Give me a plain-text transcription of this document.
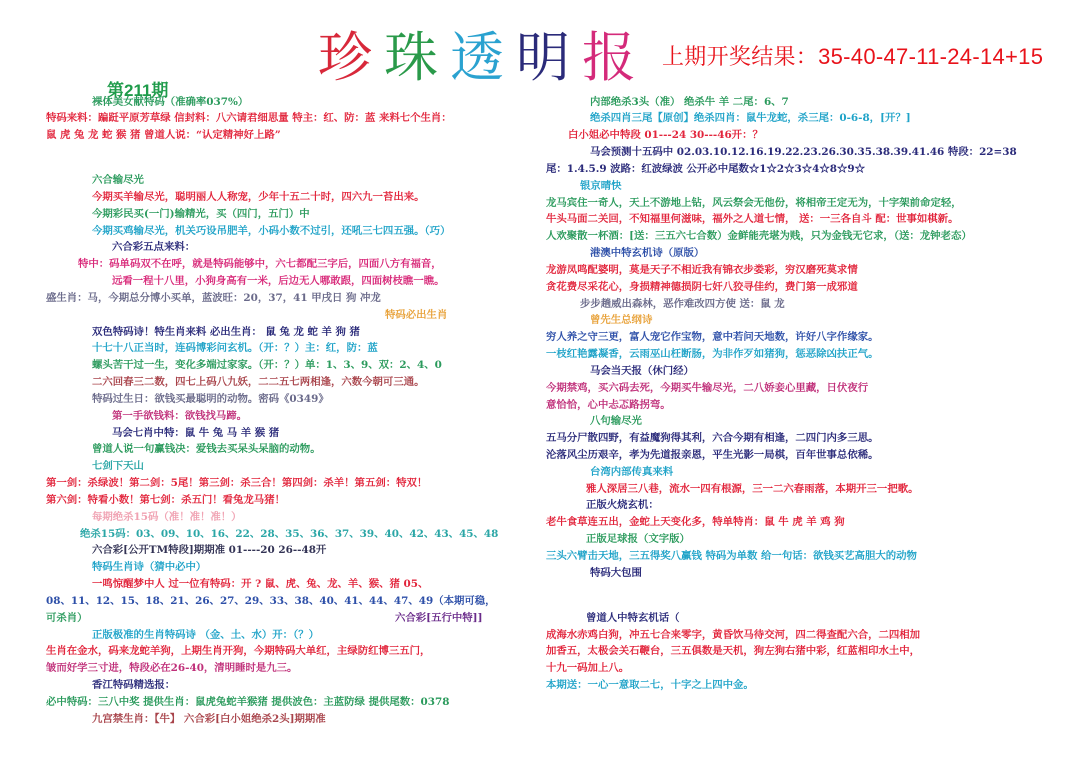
珍 珠 透 明 报 上期开奖结果：35-40-47-11-24-14+15
第211期
裸体美女献特码（准确率037%）
特码来料：蹁跹平原芳草绿 信封料：八六请君细思量 特主：红、防：蓝 来料七个生肖：
鼠 虎 兔 龙 蛇 猴 猪 曾道人说：“认定精神好上路”
六合输尽光
今期买羊输尽光，聪明丽人人称宠，少年十五二十时，四六九一苔出来。
今期彩民买(一门)输精光，买（四门，五门）中
今期买鸡输尽光，机关巧设吊肥羊，小码小数不过引，还吼三七四五强。（巧）
六合彩五点来料：
特中：码单码双不在呼，就是特码能够中，六七都配三字后，四面八方有福音，
远看一程十八里，小狗身高有一米，后边无人哪敢跟，四面树枝瞧一瞧。
盛生肖：马，今期总分博小买单，蓝波旺：20，37，41 甲戌日 狗 冲龙
特码必出生肖
双色特码诗！特生肖来料 必出生肖： 鼠 兔 龙 蛇 羊 狗 猪
十七十八正当时，连码博彩问玄机。（开：？）主：红，防：蓝
螺头苦干过一生，变化多端过家家。（开：？）单：1、3、9、双：2、4、0
二六回春三二数，四七上码八九妖，二二五七两相逢，六数今朝可三通。
特码过生日：欲钱买最聪明的动物。密码《0349》
第一手欲钱料：欲钱找马蹄。
马会七肖中特：鼠 牛 兔 马 羊 猴 猪
曾道人说一句赢钱决：爱钱去买呆头呆脑的动物。
七剑下天山
第一剑：杀绿波！第二剑：5尾！第三剑：杀三合！第四剑：杀羊！第五剑：特双！
第六剑：特看小数！第七剑：杀五门！看兔龙马猪！
每期绝杀15码（准！准！准！）
绝杀15码：03、09、10、16、22、28、35、36、37、39、40、42、43、45、48
六合彩[公开TM特段]期期准 01----20 26--48开
特码生肖诗（猜中必中）
一鸣惊醒梦中人 过一位有特码：开 ? 鼠、虎、兔、龙、羊、猴、猪 05、
08、11、12、15、18、21、26、27、29、33、38、40、41、44、47、49（本期可稳，
可杀肖）	六合彩[五行中特]]
正版极准的生肖特码诗 （金、土、水）开：（？）
生肖在金水，码来龙蛇羊狗，上期生肖开狗，今期特码大单红，主绿防红博三五门，
皱而好学三寸进，特段必在26-40，清明睡时是九三。
香江特码精选报：
必中特码：三八中奖 提供生肖：鼠虎兔蛇羊猴猪 提供波色：主蓝防绿 提供尾数：0378
九宫禁生肖：【牛】 六合彩[白小姐绝杀2头]期期准
内部绝杀3头（准） 绝杀牛 羊 二尾：6、7
绝杀四肖三尾【原创】绝杀四肖：鼠牛龙蛇，杀三尾：0-6-8，[开？]
白小姐必中特段 01---24 30---46开：？
马会预测十五码中 02.03.10.12.16.19.22.23.26.30.35.38.39.41.46 特段：22=38
尾：1.4.5.9 波路：红波绿波 公开必中尾数☆1☆2☆3☆4☆8☆9☆
银京晴快
龙马宾住一奇人，天上不游地上钻，风云祭会无他份，将相帝王定无为，十字架前命定轻，
牛头马面二关回，不知福里何滋味，福外之人道七情， 送：一三各自斗 配：世事如棋新。
人欢聚散一杯酒：[送：三五六七合数）金鲜能壳堪为贱，只为金钱无它求，（送：龙钟老态）
港澳中特玄机诗（原版）
龙游凤鸣配婆明，莫是天子不相近我有锦衣步娄彩，穷汉磨死莫求情
贪花费尽采花心，身损精神德损阴七奸八狡寻佳约，费门第一成邪道
步步趟威出森林，恶作难改四方使 送：鼠 龙
曾先生总纲诗
穷人养之守三更，富人宠它作宝物，意中若问天地数，许好八字作缘家。
一枝红艳露凝香，云雨巫山枉断肠，为非作歹如猪狗，惩恶除凶扶正气。
马会当天报（休门经）
今期禁鸡，买六码去死，今期买牛输尽光，二八娇妾心里藏，日伏夜行
意恰恰，心中忐忑路拐弯。
八句输尽光
五马分尸散四野，有益魔狗得其利，六合今期有相逢，二四门内多三思。
沦落风尘历艰辛，孝为先道报亲恩，平生光影一局棋，百年世事总依稀。
台湾内部传真来料
雅人深居三八巷，流水一四有根源，三一二六春雨落，本期开三一把歌。
正版火烧玄机：
老牛食草连五出，金蛇上天变化多，特单特肖：鼠 牛 虎 羊 鸡 狗
正版足球报（文字版）
三头六臂击天地，三五得奖八赢钱 特码为单数 给一句话：欲钱买艺高胆大的动物
特码大包围
曾道人中特玄机话（
成海水赤鸡白狗，冲五七合来零字，黄昏饮马待交河，四二得查配六合，二四相加
加香五，太极会关石鞭台，三五俱数是天机，狗左狗右猪中彩，红蓝相印水土中，
十九一码加上八。
本期送：一心一意取二七，十字之上四中金。
